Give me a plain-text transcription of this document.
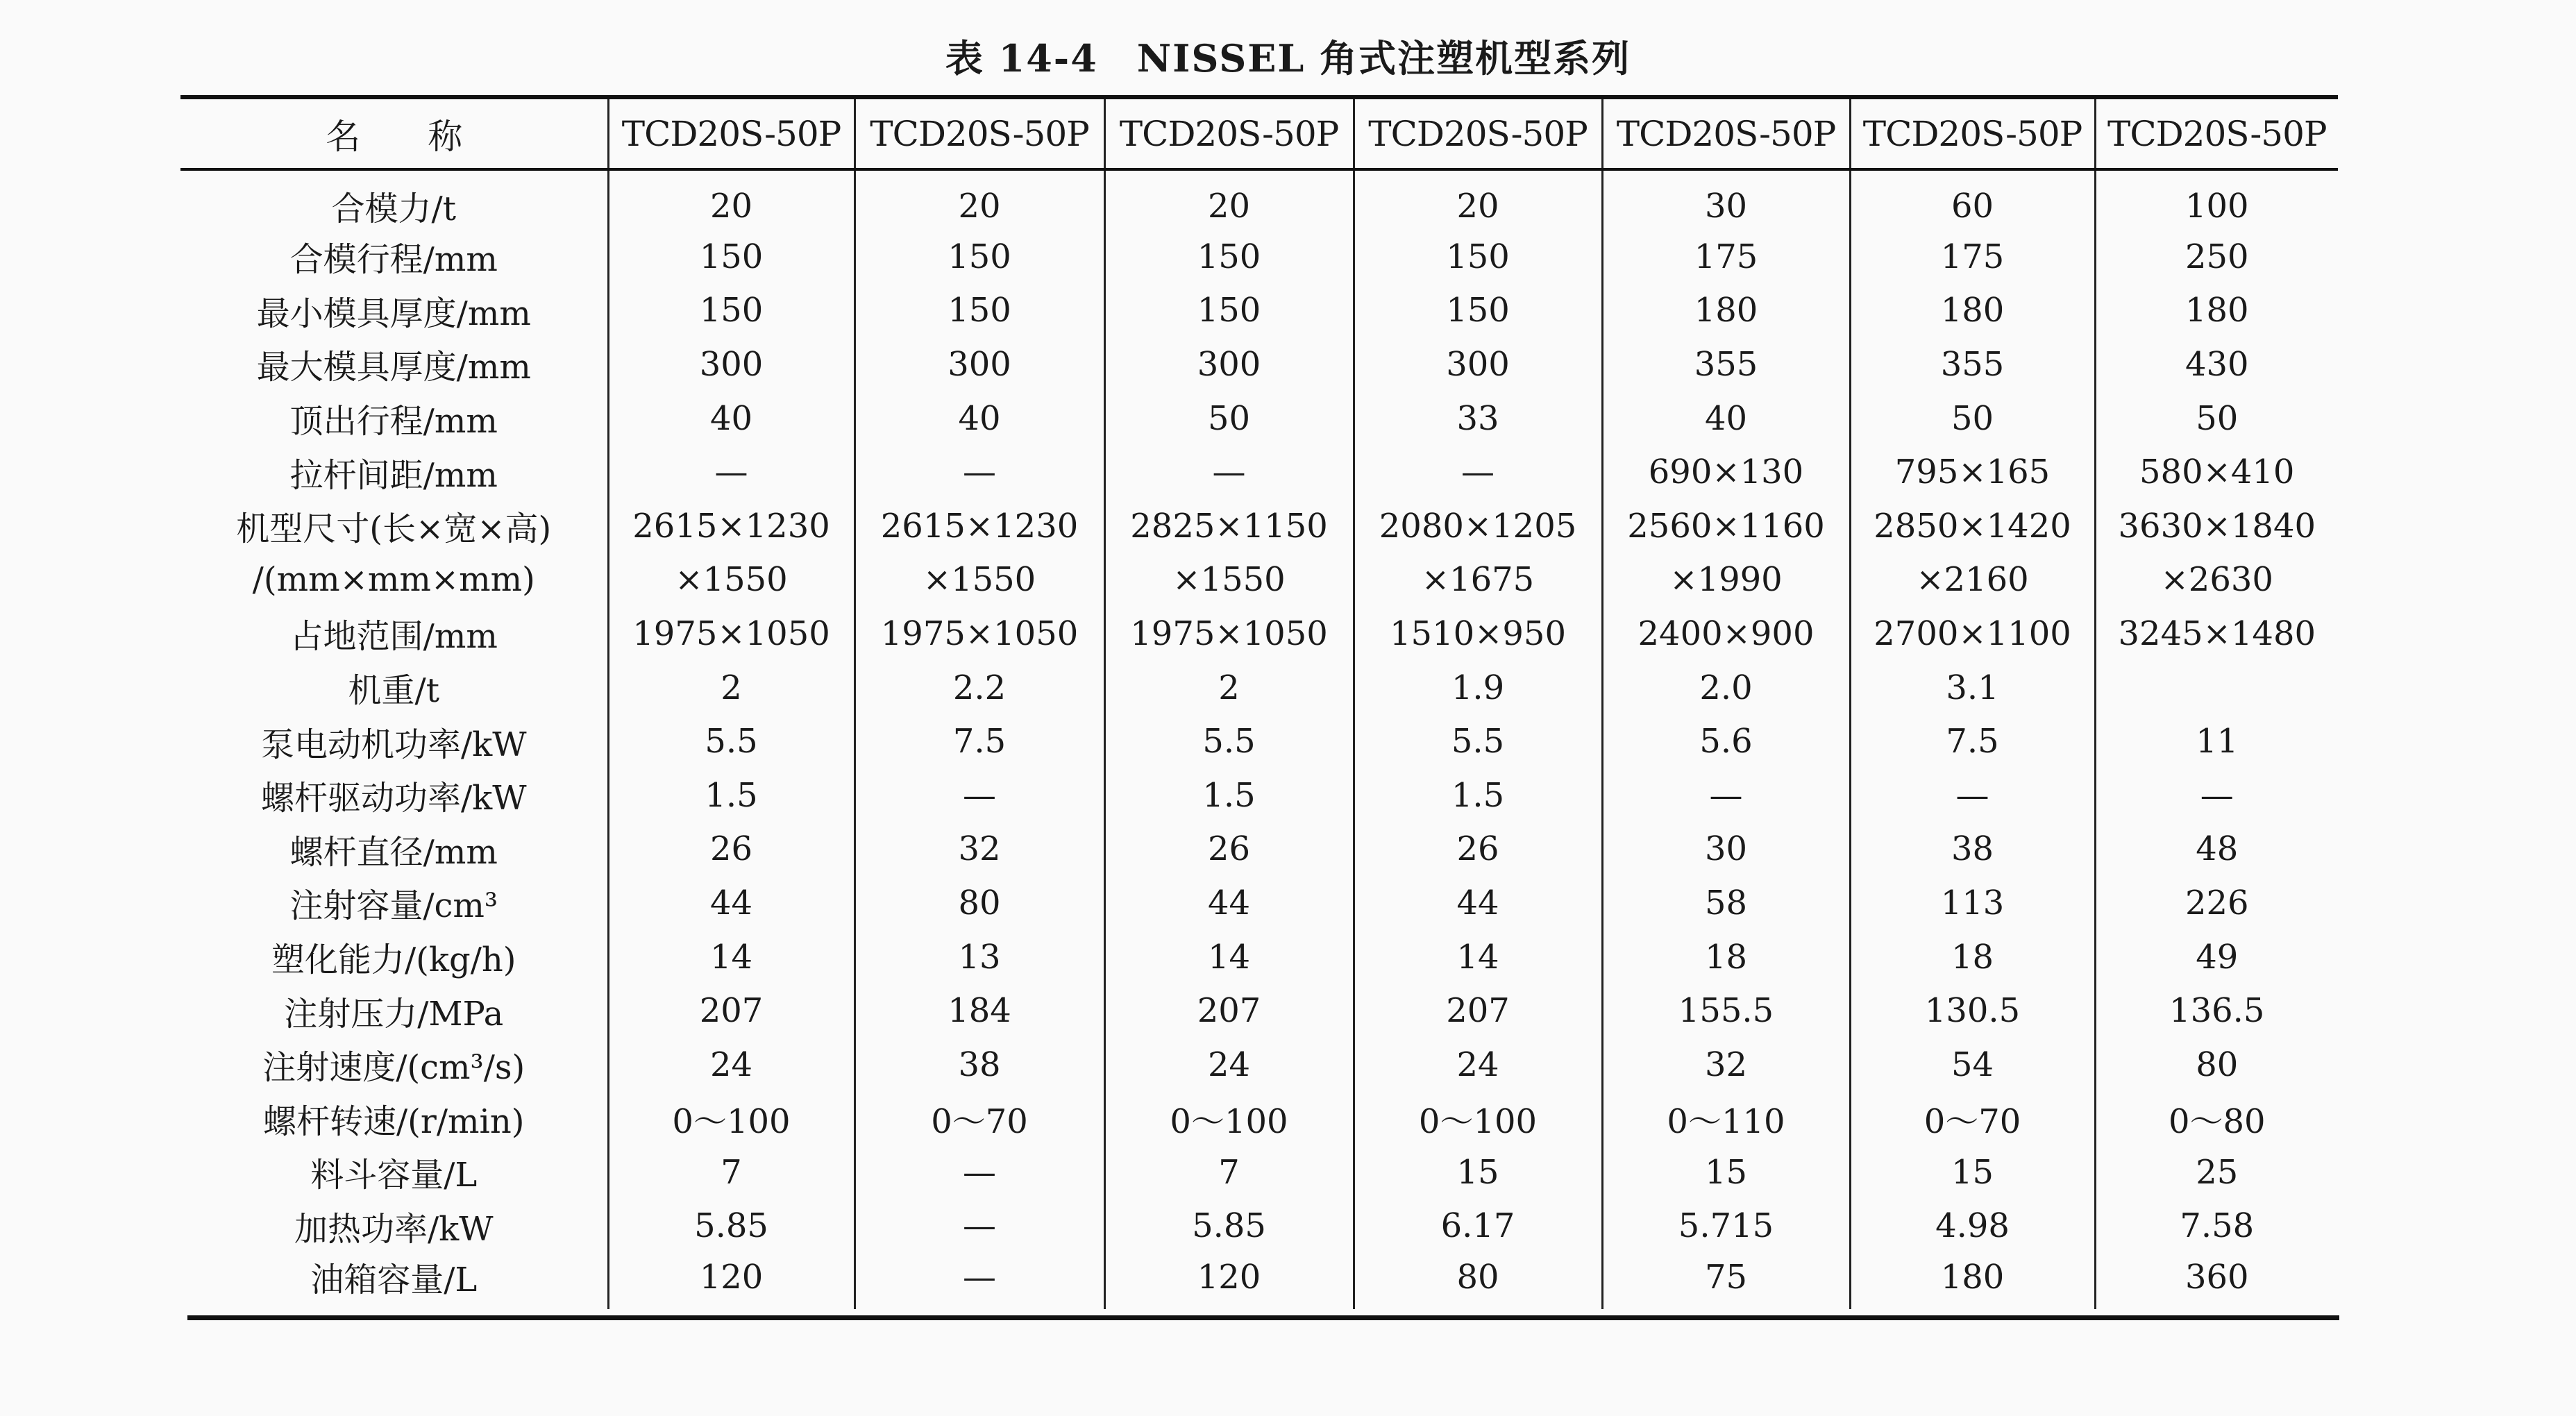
表 14-4　NISSEL 角式注塑机型系列
名　　称	TCD20S-50P	TCD20S-50P	TCD20S-50P	TCD20S-50P	TCD20S-50P	TCD20S-50P	TCD20S-50P
合模力/t	20	20	20	20	30	60	100
合模行程/mm	150	150	150	150	175	175	250
最小模具厚度/mm	150	150	150	150	180	180	180
最大模具厚度/mm	300	300	300	300	355	355	430
顶出行程/mm	40	40	50	33	40	50	50
拉杆间距/mm	—	—	—	—	690×130	795×165	580×410
机型尺寸(长×宽×高)	2615×1230	2615×1230	2825×1150	2080×1205	2560×1160	2850×1420	3630×1840
/(mm×mm×mm)	×1550	×1550	×1550	×1675	×1990	×2160	×2630
占地范围/mm	1975×1050	1975×1050	1975×1050	1510×950	2400×900	2700×1100	3245×1480
机重/t	2	2.2	2	1.9	2.0	3.1	
泵电动机功率/kW	5.5	7.5	5.5	5.5	5.6	7.5	11
螺杆驱动功率/kW	1.5	—	1.5	1.5	—	—	—
螺杆直径/mm	26	32	26	26	30	38	48
注射容量/cm³	44	80	44	44	58	113	226
塑化能力/(kg/h)	14	13	14	14	18	18	49
注射压力/MPa	207	184	207	207	155.5	130.5	136.5
注射速度/(cm³/s)	24	38	24	24	32	54	80
螺杆转速/(r/min)	0～100	0～70	0～100	0～100	0～110	0～70	0～80
料斗容量/L	7	—	7	15	15	15	25
加热功率/kW	5.85	—	5.85	6.17	5.715	4.98	7.58
油箱容量/L	120	—	120	80	75	180	360
